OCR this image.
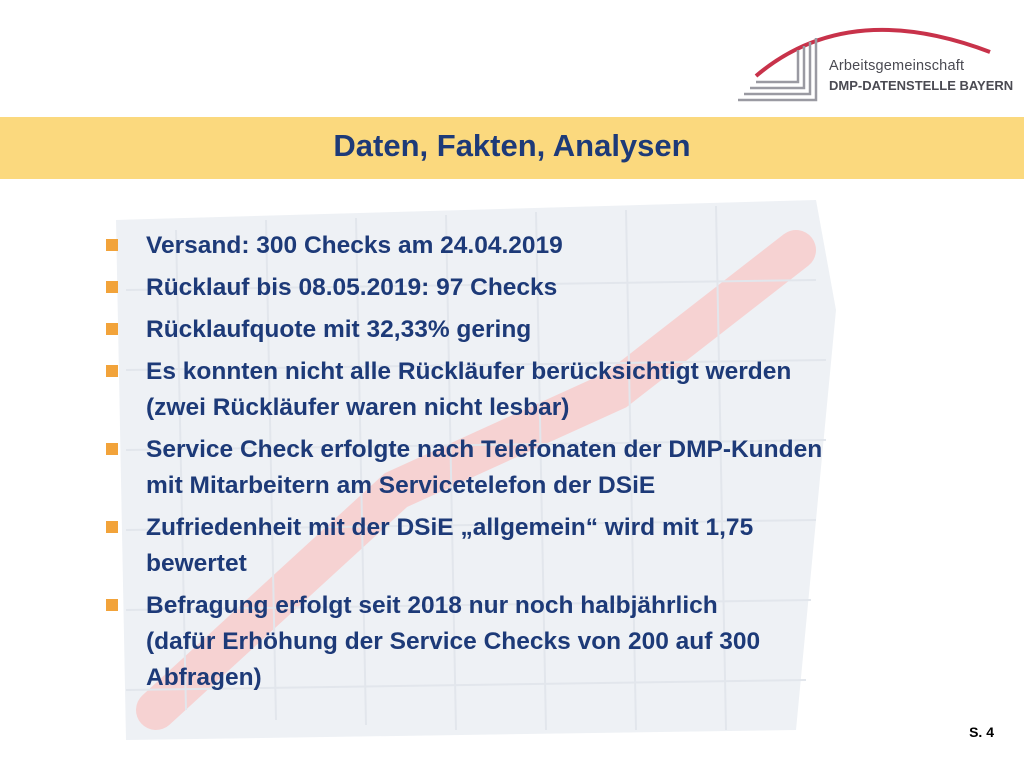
Arbeitsgemeinschaft
DMP-DATENSTELLE BAYERN
Daten, Fakten, Analysen
Versand: 300 Checks am 24.04.2019
Rücklauf bis 08.05.2019: 97 Checks
Rücklaufquote mit 32,33% gering
Es konnten nicht alle Rückläufer berücksichtigt werden
(zwei Rückläufer waren nicht lesbar)
Service Check erfolgte nach Telefonaten der DMP-Kunden
mit Mitarbeitern am Servicetelefon der DSiE
Zufriedenheit mit der DSiE „allgemein“ wird mit 1,75
bewertet
Befragung erfolgt seit 2018 nur noch halbjährlich
(dafür Erhöhung der Service Checks von 200 auf 300
Abfragen)
S. 4
